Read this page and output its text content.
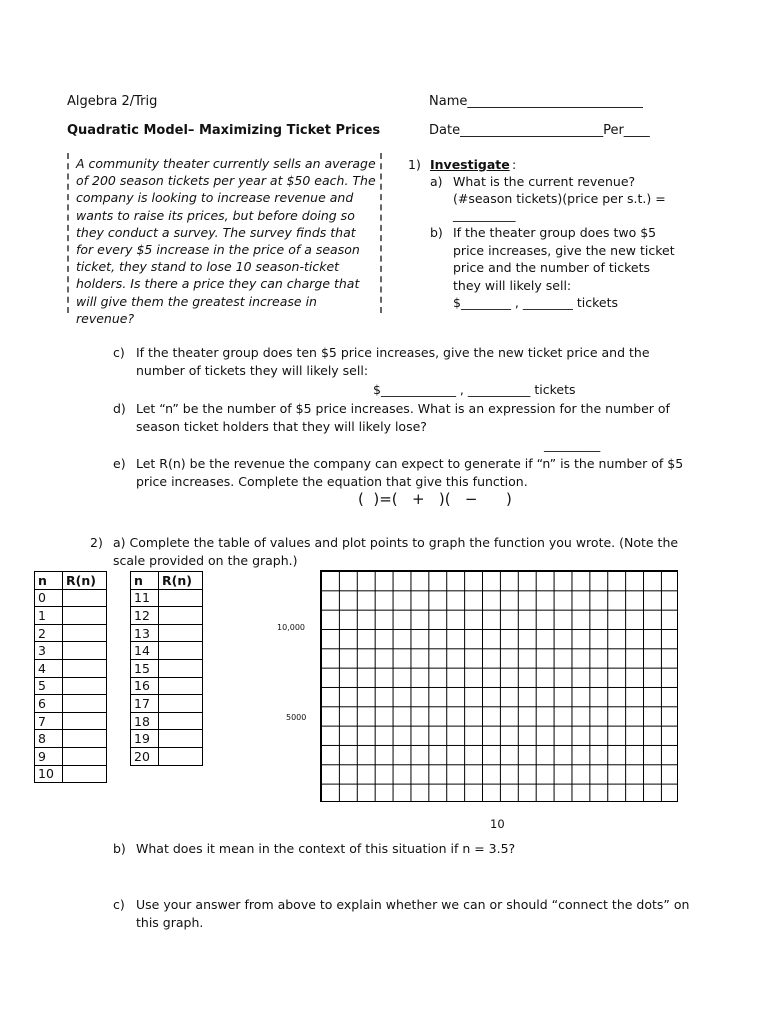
Algebra 2/Trig	Name___________________________
Quadratic Model– Maximizing Ticket Prices	Date______________________Per____
A community theater currently sells an average of 200 season tickets per year at $50 each. The company is looking to increase revenue and wants to raise its prices, but before doing so they conduct a survey. The survey finds that for every $5 increase in the price of a season ticket, they stand to lose 10 season-ticket holders. Is there a price they can charge that will give them the greatest increase in revenue?
1) Investigate :
a) What is the current revenue?
(#season tickets)(price per s.t.) =
__________
b) If the theater group does two $5 price increases, give the new ticket price and the number of tickets they will likely sell:
$________ , ________ tickets
c) If the theater group does ten $5 price increases, give the new ticket price and the number of tickets they will likely sell:
$____________ , __________ tickets
d) Let “n” be the number of $5 price increases. What is an expression for the number of season ticket holders that they will likely lose?
_________
e) Let R(n) be the revenue the company can expect to generate if “n” is the number of $5 price increases. Complete the equation that give this function.
(  )=(   +   )(   −      )
2) a) Complete the table of values and plot points to graph the function you wrote. (Note the scale provided on the graph.)
n	R(n)
0	
1	
2	
3	
4	
5	
6	
7	
8	
9	
10	
n	R(n)
11	
12	
13	
14	
15	
16	
17	
18	
19	
20	
10,000
5000
10
b) What does it mean in the context of this situation if n = 3.5?
c) Use your answer from above to explain whether we can or should “connect the dots” on this graph.
